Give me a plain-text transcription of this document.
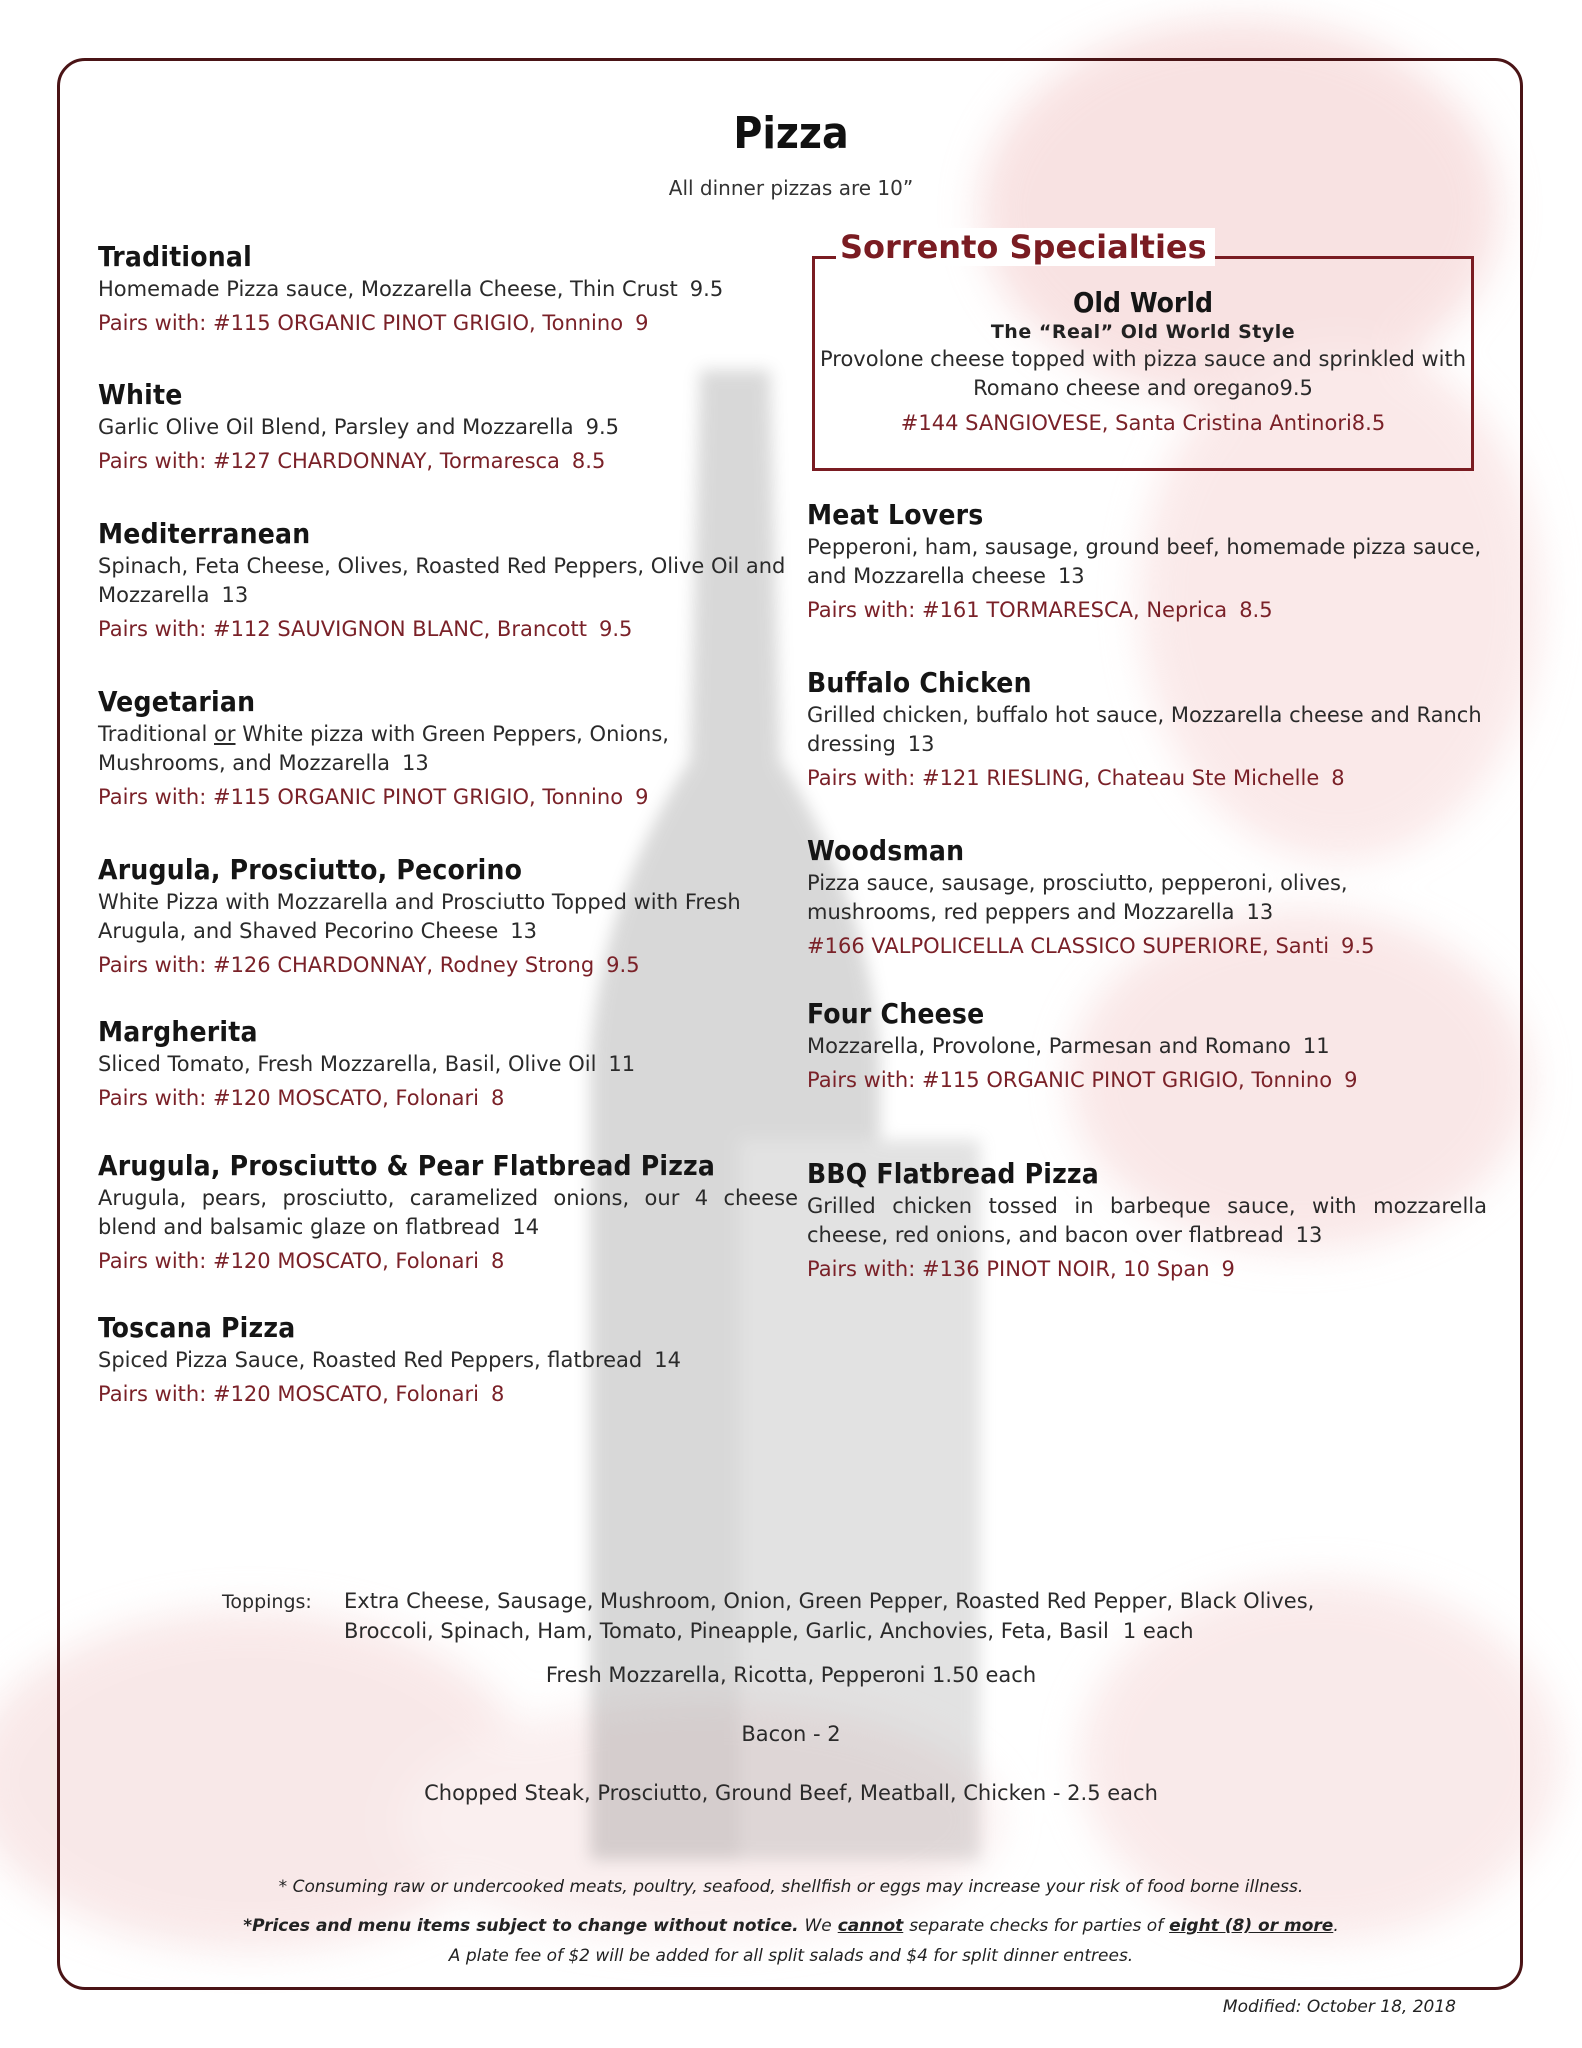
Pizza
All dinner pizzas are 10”
Traditional
Homemade Pizza sauce, Mozzarella Cheese, Thin Crust 9.5
Pairs with: #115 ORGANIC PINOT GRIGIO, Tonnino 9
White
Garlic Olive Oil Blend, Parsley and Mozzarella 9.5
Pairs with: #127 CHARDONNAY, Tormaresca 8.5
Mediterranean
Spinach, Feta Cheese, Olives, Roasted Red Peppers, Olive Oil and Mozzarella 13
Pairs with: #112 SAUVIGNON BLANC, Brancott 9.5
Vegetarian
Traditional or White pizza with Green Peppers, Onions, Mushrooms, and Mozzarella 13
Pairs with: #115 ORGANIC PINOT GRIGIO, Tonnino 9
Arugula, Prosciutto, Pecorino
White Pizza with Mozzarella and Prosciutto Topped with Fresh Arugula, and Shaved Pecorino Cheese 13
Pairs with: #126 CHARDONNAY, Rodney Strong 9.5
Margherita
Sliced Tomato, Fresh Mozzarella, Basil, Olive Oil 11
Pairs with: #120 MOSCATO, Folonari 8
Arugula, Prosciutto & Pear Flatbread Pizza
Arugula, pears, prosciutto, caramelized onions, our 4 cheese blend and balsamic glaze on flatbread 14
Pairs with: #120 MOSCATO, Folonari 8
Toscana Pizza
Spiced Pizza Sauce, Roasted Red Peppers, flatbread 14
Pairs with: #120 MOSCATO, Folonari 8
Sorrento Specialties
Old World
The “Real” Old World Style
Provolone cheese topped with pizza sauce and sprinkled with Romano cheese and oregano9.5
#144 SANGIOVESE, Santa Cristina Antinori8.5
Meat Lovers
Pepperoni, ham, sausage, ground beef, homemade pizza sauce, and Mozzarella cheese 13
Pairs with: #161 TORMARESCA, Neprica 8.5
Buffalo Chicken
Grilled chicken, buffalo hot sauce, Mozzarella cheese and Ranch dressing 13
Pairs with: #121 RIESLING, Chateau Ste Michelle 8
Woodsman
Pizza sauce, sausage, prosciutto, pepperoni, olives, mushrooms, red peppers and Mozzarella 13
#166 VALPOLICELLA CLASSICO SUPERIORE, Santi 9.5
Four Cheese
Mozzarella, Provolone, Parmesan and Romano 11
Pairs with: #115 ORGANIC PINOT GRIGIO, Tonnino 9
BBQ Flatbread Pizza
Grilled chicken tossed in barbeque sauce, with mozzarella cheese, red onions, and bacon over flatbread 13
Pairs with: #136 PINOT NOIR, 10 Span 9
Toppings: Extra Cheese, Sausage, Mushroom, Onion, Green Pepper, Roasted Red Pepper, Black Olives, Broccoli, Spinach, Ham, Tomato, Pineapple, Garlic, Anchovies, Feta, Basil 1 each
Fresh Mozzarella, Ricotta, Pepperoni 1.50 each
Bacon - 2
Chopped Steak, Prosciutto, Ground Beef, Meatball, Chicken - 2.5 each
* Consuming raw or undercooked meats, poultry, seafood, shellfish or eggs may increase your risk of food borne illness.
*Prices and menu items subject to change without notice. We cannot separate checks for parties of eight (8) or more.
A plate fee of $2 will be added for all split salads and $4 for split dinner entrees.
Modified: October 18, 2018
